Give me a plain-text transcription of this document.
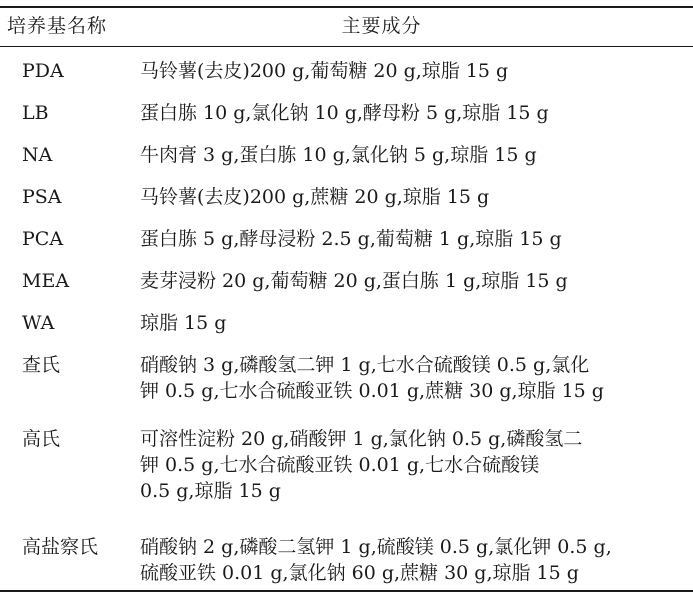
培养基名称	主要成分
PDA	马铃薯(去皮)200 g,葡萄糖 20 g,琼脂 15 g
LB	蛋白胨 10 g,氯化钠 10 g,酵母粉 5 g,琼脂 15 g
NA	牛肉膏 3 g,蛋白胨 10 g,氯化钠 5 g,琼脂 15 g
PSA	马铃薯(去皮)200 g,蔗糖 20 g,琼脂 15 g
PCA	蛋白胨 5 g,酵母浸粉 2.5 g,葡萄糖 1 g,琼脂 15 g
MEA	麦芽浸粉 20 g,葡萄糖 20 g,蛋白胨 1 g,琼脂 15 g
WA	琼脂 15 g
查氏	硝酸钠 3 g,磷酸氢二钾 1 g,七水合硫酸镁 0.5 g,氯化
钾 0.5 g,七水合硫酸亚铁 0.01 g,蔗糖 30 g,琼脂 15 g
高氏	可溶性淀粉 20 g,硝酸钾 1 g,氯化钠 0.5 g,磷酸氢二
钾 0.5 g,七水合硫酸亚铁 0.01 g,七水合硫酸镁
0.5 g,琼脂 15 g
高盐察氏 硝酸钠 2 g,磷酸二氢钾 1 g,硫酸镁 0.5 g,氯化钾 0.5 g,
硫酸亚铁 0.01 g,氯化钠 60 g,蔗糖 30 g,琼脂 15 g
